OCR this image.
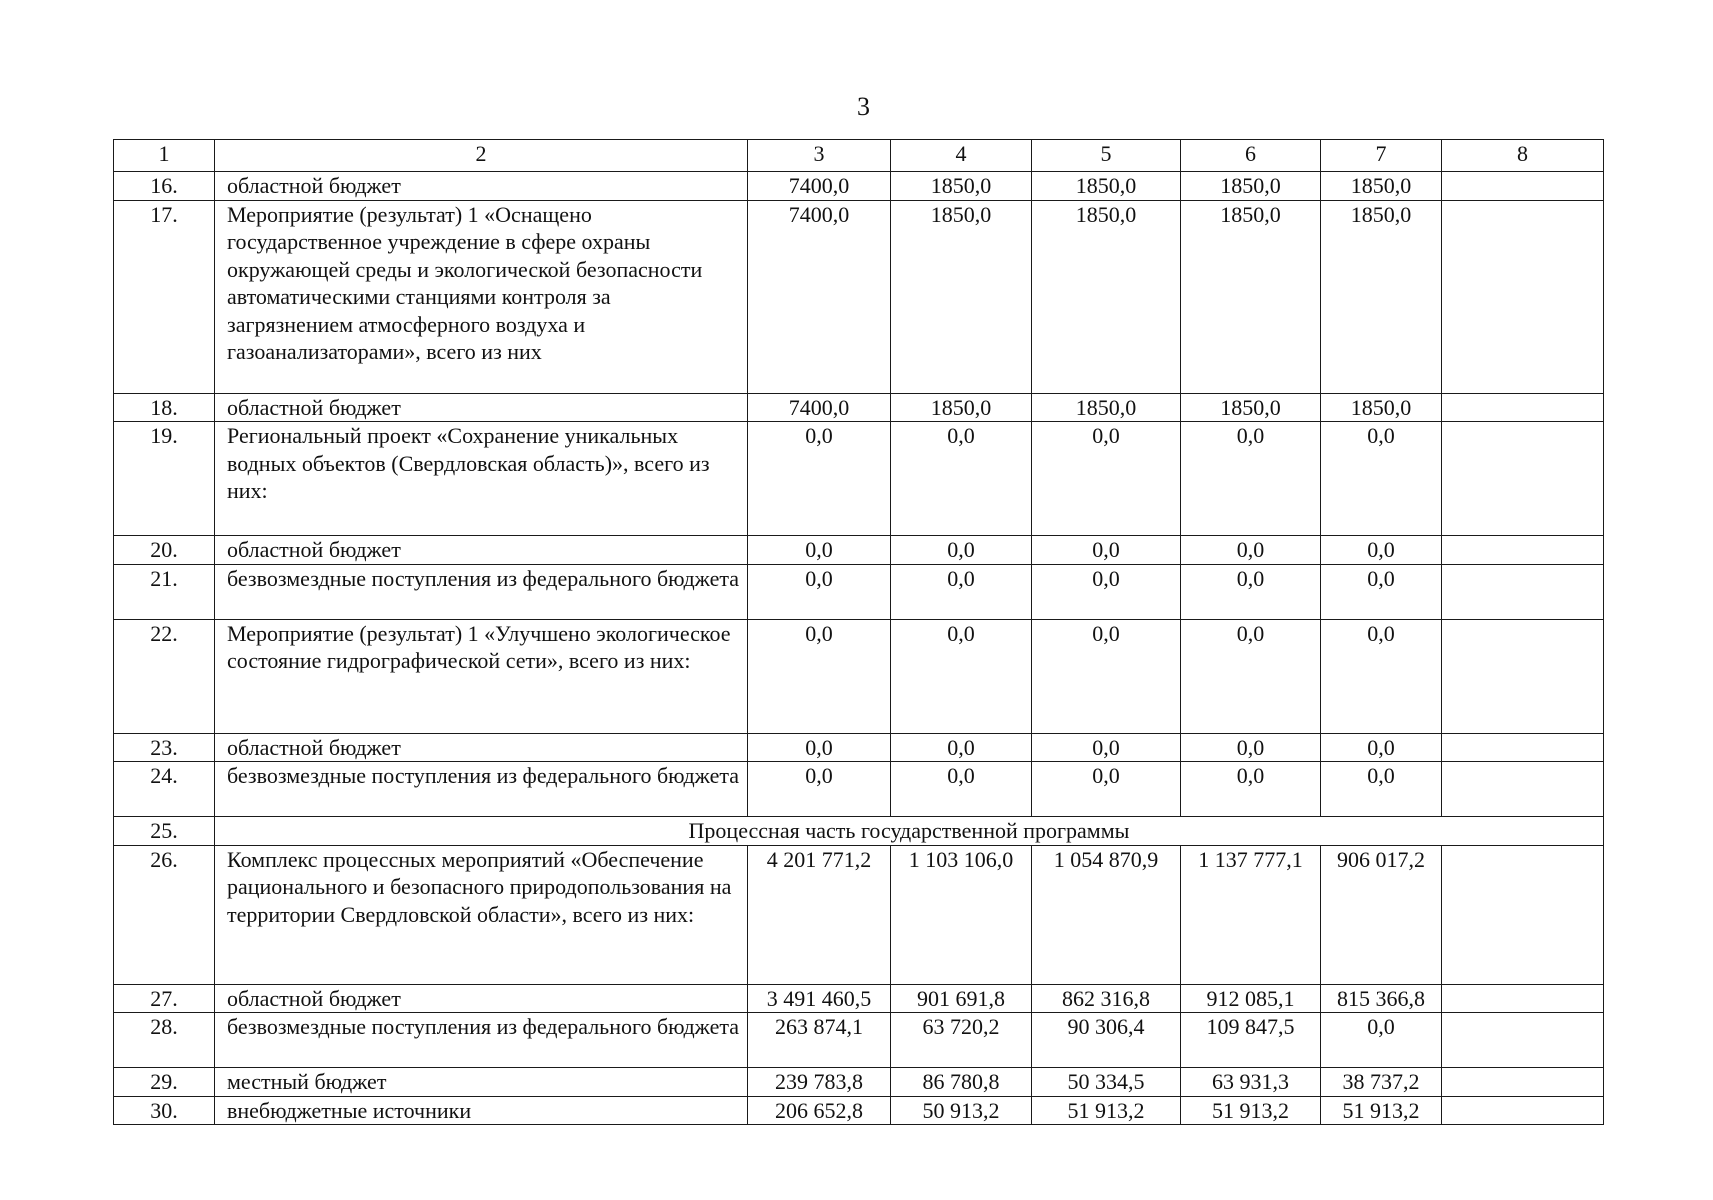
3
1	2	3	4	5	6	7	8
16.	областной бюджет	7400,0	1850,0	1850,0	1850,0	1850,0	
17.	Мероприятие (результат) 1 «Оснащено государственное учреждение в сфере охраны окружающей среды и экологической безопасности автоматическими станциями контроля за загрязнением атмосферного воздуха и газоанализаторами», всего из них	7400,0	1850,0	1850,0	1850,0	1850,0	
18.	областной бюджет	7400,0	1850,0	1850,0	1850,0	1850,0	
19.	Региональный проект «Сохранение уникальных водных объектов (Свердловская область)», всего из них:	0,0	0,0	0,0	0,0	0,0	
20.	областной бюджет	0,0	0,0	0,0	0,0	0,0	
21.	безвозмездные поступления из федерального бюджета	0,0	0,0	0,0	0,0	0,0	
22.	Мероприятие (результат) 1 «Улучшено экологическое состояние гидрографической сети», всего из них:	0,0	0,0	0,0	0,0	0,0	
23.	областной бюджет	0,0	0,0	0,0	0,0	0,0	
24.	безвозмездные поступления из федерального бюджета	0,0	0,0	0,0	0,0	0,0	
25.	Процессная часть государственной программы						
26.	Комплекс процессных мероприятий «Обеспечение рационального и безопасного природопользования на территории Свердловской области», всего из них:	4 201 771,2	1 103 106,0	1 054 870,9	1 137 777,1	906 017,2	
27.	областной бюджет	3 491 460,5	901 691,8	862 316,8	912 085,1	815 366,8	
28.	безвозмездные поступления из федерального бюджета	263 874,1	63 720,2	90 306,4	109 847,5	0,0	
29.	местный бюджет	239 783,8	86 780,8	50 334,5	63 931,3	38 737,2	
30.	внебюджетные источники	206 652,8	50 913,2	51 913,2	51 913,2	51 913,2	
